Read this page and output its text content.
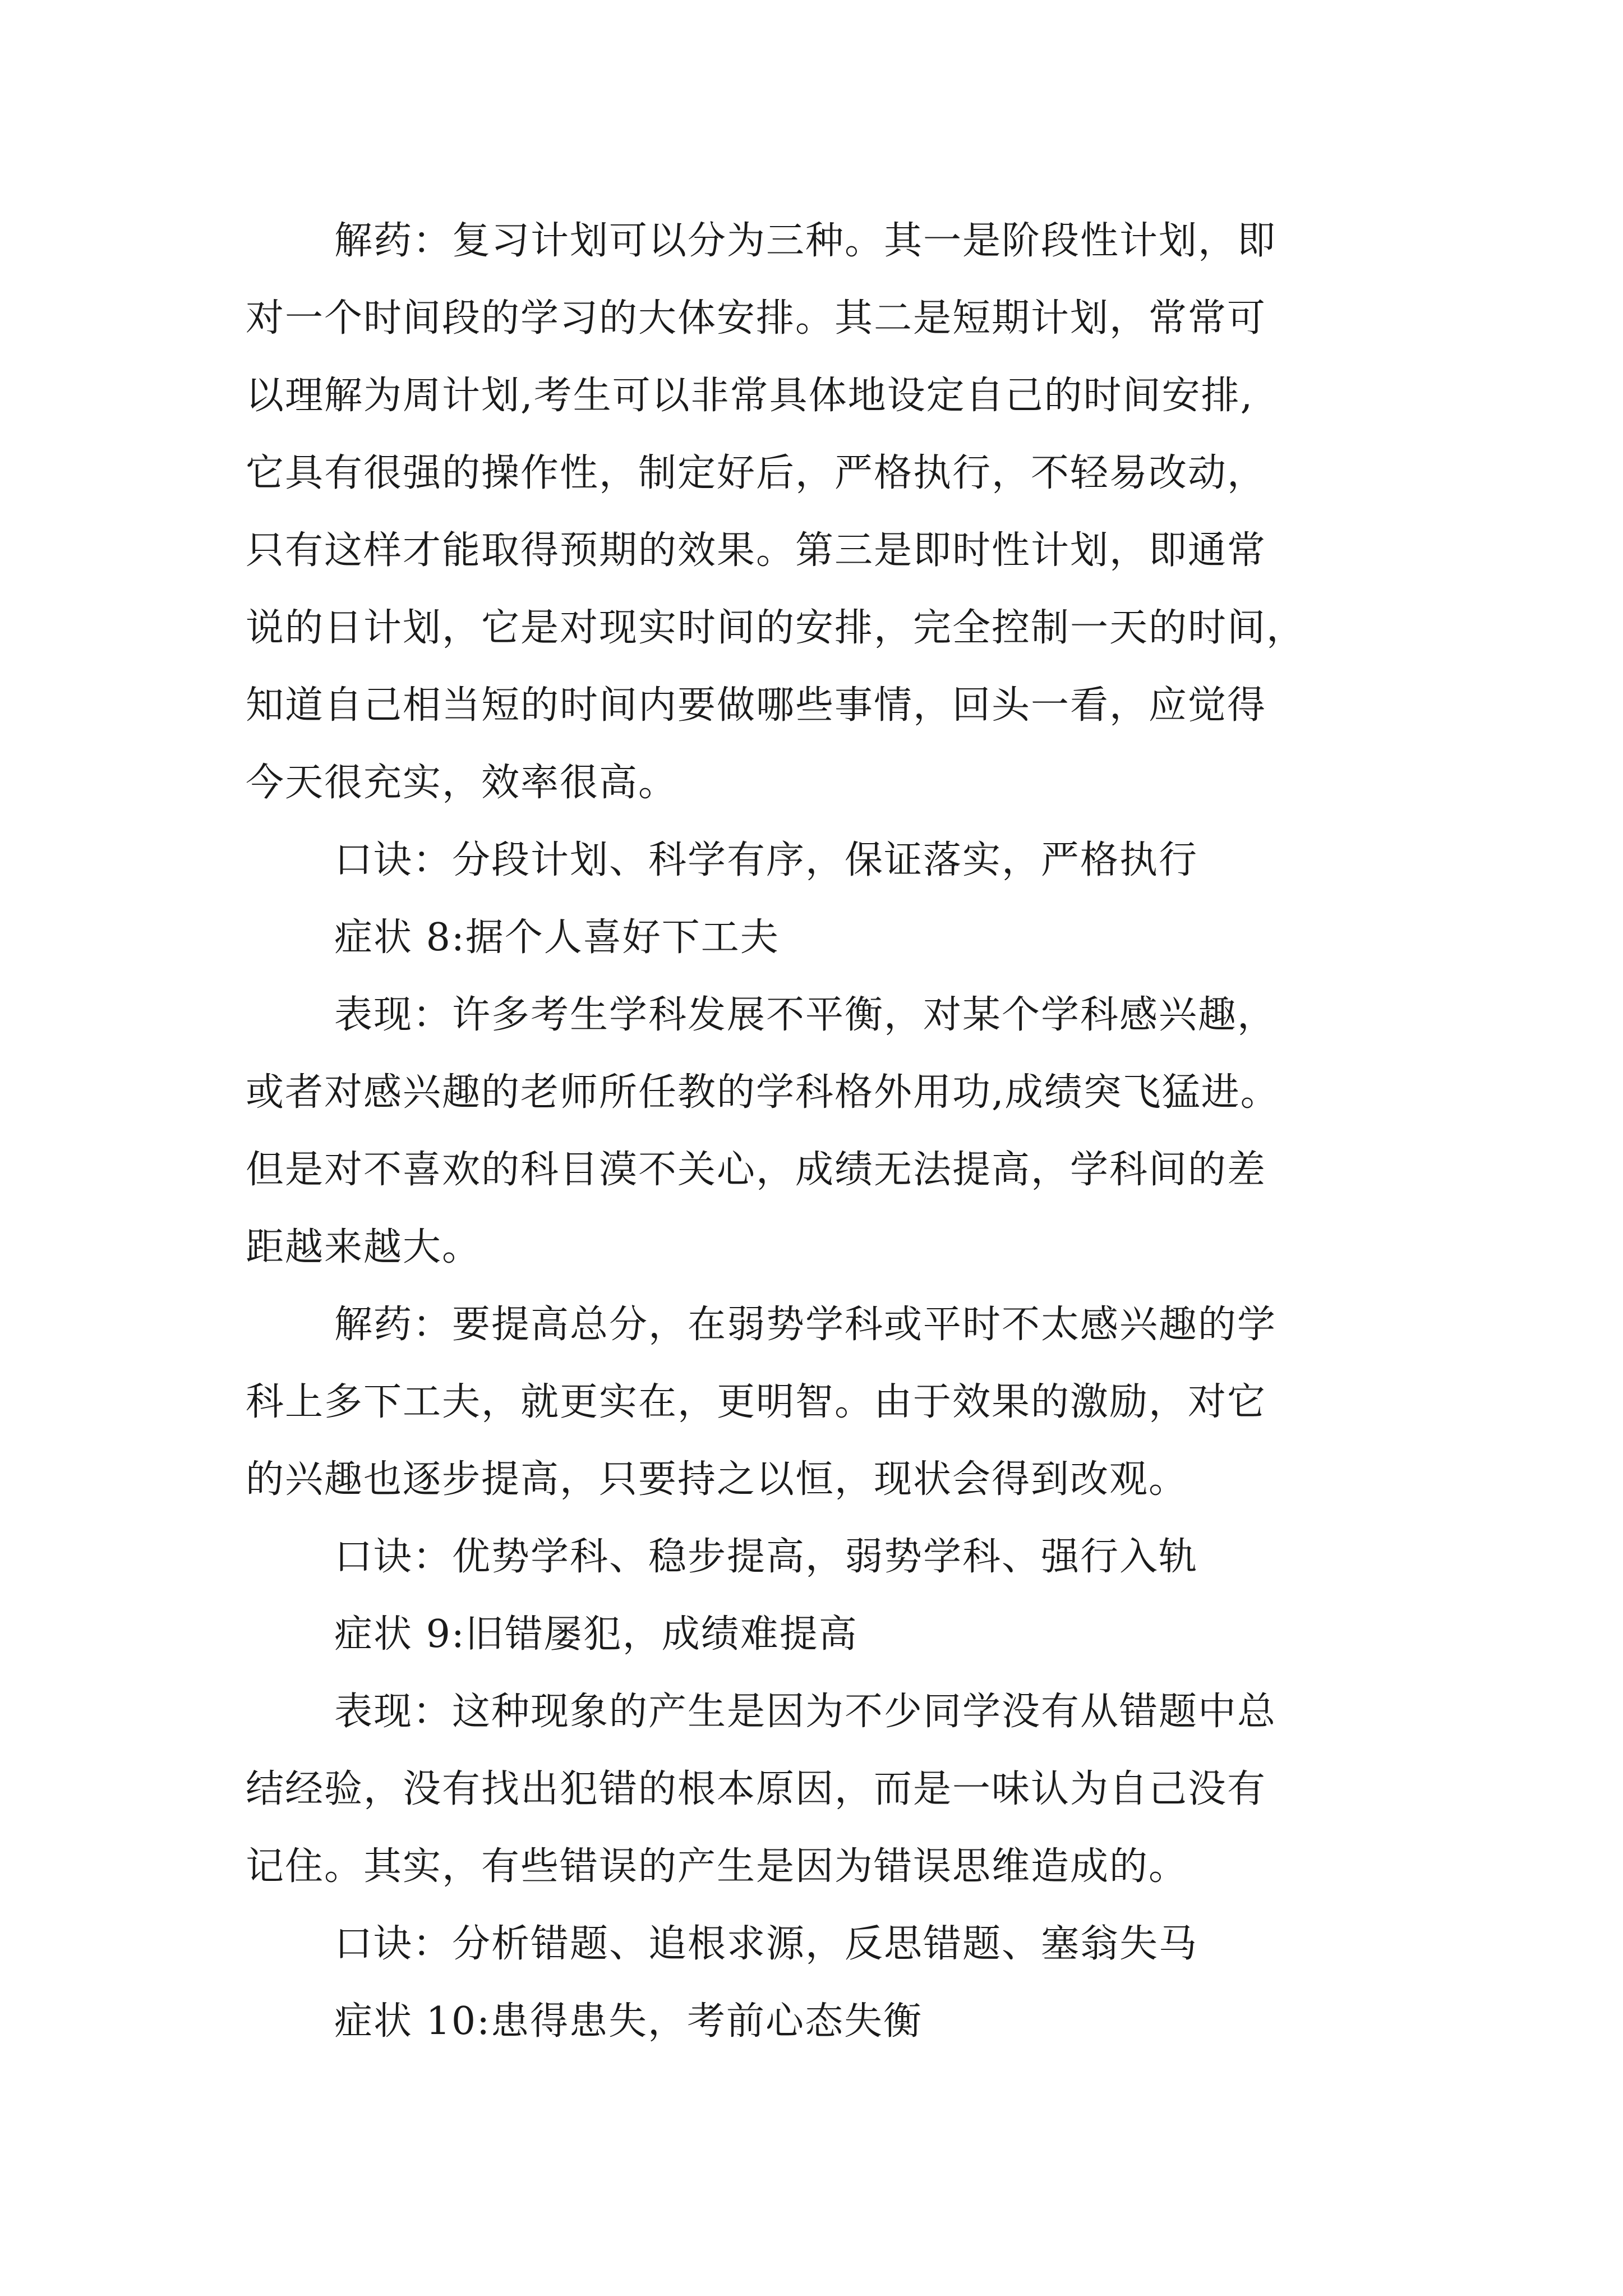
解药：复习计划可以分为三种。其一是阶段性计划，即
对一个时间段的学习的大体安排。其二是短期计划，常常可
以理解为周计划,考生可以非常具体地设定自己的时间安排,
它具有很强的操作性，制定好后，严格执行，不轻易改动，
只有这样才能取得预期的效果。第三是即时性计划，即通常
说的日计划，它是对现实时间的安排，完全控制一天的时间，
知道自己相当短的时间内要做哪些事情，回头一看，应觉得
今天很充实，效率很高。
口诀：分段计划、科学有序，保证落实，严格执行
症状 8:据个人喜好下工夫
表现：许多考生学科发展不平衡，对某个学科感兴趣，
或者对感兴趣的老师所任教的学科格外用功,成绩突飞猛进。
但是对不喜欢的科目漠不关心，成绩无法提高，学科间的差
距越来越大。
解药：要提高总分，在弱势学科或平时不太感兴趣的学
科上多下工夫，就更实在，更明智。由于效果的激励，对它
的兴趣也逐步提高，只要持之以恒，现状会得到改观。
口诀：优势学科、稳步提高，弱势学科、强行入轨
症状 9:旧错屡犯，成绩难提高
表现：这种现象的产生是因为不少同学没有从错题中总
结经验，没有找出犯错的根本原因，而是一味认为自己没有
记住。其实，有些错误的产生是因为错误思维造成的。
口诀：分析错题、追根求源，反思错题、塞翁失马
症状 10:患得患失，考前心态失衡
